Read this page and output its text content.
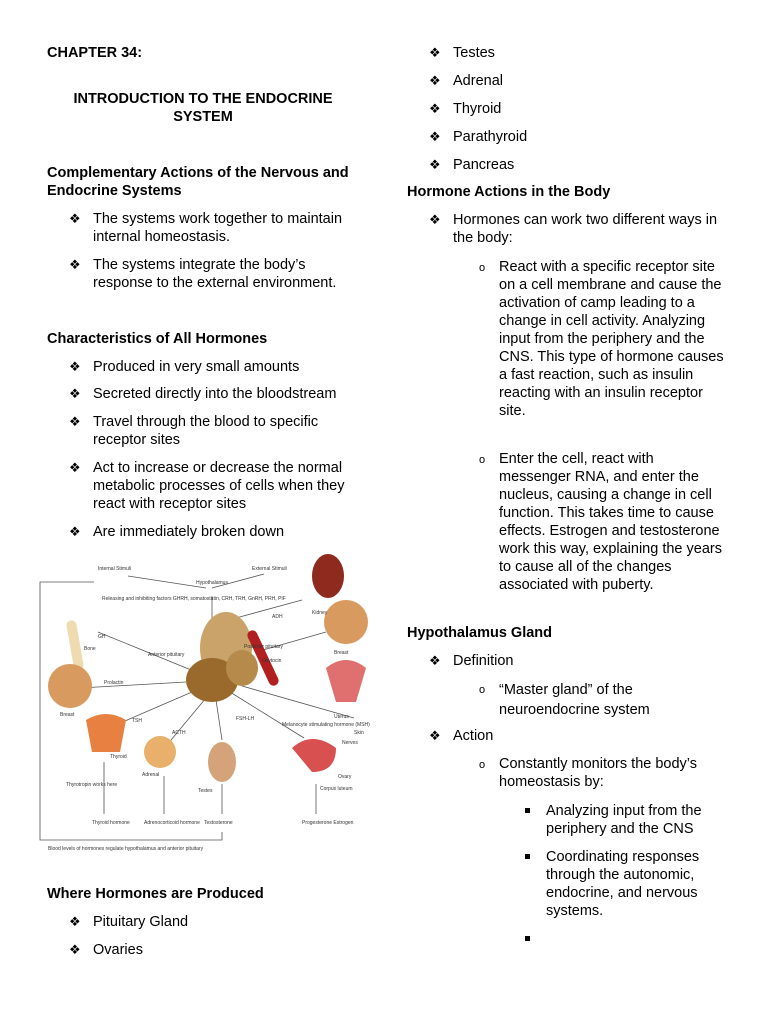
CHAPTER 34:
INTRODUCTION TO THE ENDOCRINE SYSTEM
Complementary Actions of the Nervous and Endocrine Systems
❖ The systems work together to maintain internal homeostasis.
❖ The systems integrate the body’s response to the external environment.
Characteristics of All Hormones
❖ Produced in very small amounts
❖ Secreted directly into the bloodstream
❖ Travel through the blood to specific receptor sites
❖ Act to increase or decrease the normal metabolic processes of cells when they react with receptor sites
❖ Are immediately broken down
Where Hormones are Produced
❖ Pituitary Gland
❖ Ovaries
Internal Stimuli	External Stimuli
Hypothalamus
Releasing and inhibiting factors GHRH, somatostatin, CRH, TRH, GnRH, PRH, PIF
ADH
Kidney
GH
Bone
Anterior pituitary
Posterior pituitary
Oxytocin
Breast
Prolactin
Breast	Uterus
FSH-LH
Melanocyte stimulating hormone (MSH)
Skin
Nerves
TSH
ACTH
Thyroid
Adrenal
Thyrotropin works here
Testes
Ovary
Corpus luteum
Thyroid hormone	Adrenocorticoid hormone Testosterone	Progesterone Estrogen
Blood levels of hormones regulate hypothalamus and anterior pituitary
❖ Testes
❖ Adrenal
❖ Thyroid
❖ Parathyroid
❖ Pancreas
Hormone Actions in the Body
❖ Hormones can work two different ways in the body:
o React with a specific receptor site on a cell membrane and cause the activation of camp leading to a change in cell activity. Analyzing input from the periphery and the CNS. This type of hormone causes a fast reaction, such as insulin reacting with an insulin receptor site.
o Enter the cell, react with messenger RNA, and enter the nucleus, causing a change in cell function. This takes time to cause effects. Estrogen and testosterone work this way, explaining the years to cause all of the changes associated with puberty.
Hypothalamus Gland
❖ Definition
o “Master gland” of the neuroendocrine system
❖ Action
o Constantly monitors the body’s homeostasis by:
Analyzing input from the periphery and the CNS
Coordinating responses through the autonomic, endocrine, and nervous systems.
